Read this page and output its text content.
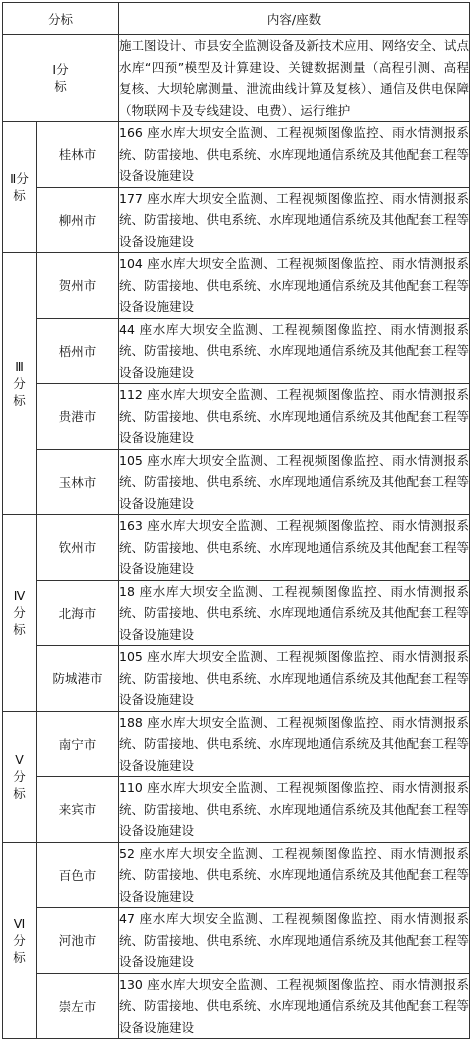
分标		内容/座数
Ⅰ分标		施工图设计、市县安全监测设备及新技术应用、网络安全、试点水库“四预”模型及计算建设、关键数据测量（高程引测、高程复核、大坝轮廓测量、泄流曲线计算及复核）、通信及供电保障（物联网卡及专线建设、电费）、运行维护
Ⅱ分标	桂林市	166 座水库大坝安全监测、工程视频图像监控、雨水情测报系统、防雷接地、供电系统、水库现地通信系统及其他配套工程等设备设施建设
	柳州市	177 座水库大坝安全监测、工程视频图像监控、雨水情测报系统、防雷接地、供电系统、水库现地通信系统及其他配套工程等设备设施建设
Ⅲ分标	贺州市	104 座水库大坝安全监测、工程视频图像监控、雨水情测报系统、防雷接地、供电系统、水库现地通信系统及其他配套工程等设备设施建设
	梧州市	44 座水库大坝安全监测、工程视频图像监控、雨水情测报系统、防雷接地、供电系统、水库现地通信系统及其他配套工程等设备设施建设
	贵港市	112 座水库大坝安全监测、工程视频图像监控、雨水情测报系统、防雷接地、供电系统、水库现地通信系统及其他配套工程等设备设施建设
	玉林市	105 座水库大坝安全监测、工程视频图像监控、雨水情测报系统、防雷接地、供电系统、水库现地通信系统及其他配套工程等设备设施建设
Ⅳ分标	钦州市	163 座水库大坝安全监测、工程视频图像监控、雨水情测报系统、防雷接地、供电系统、水库现地通信系统及其他配套工程等设备设施建设
	北海市	18 座水库大坝安全监测、工程视频图像监控、雨水情测报系统、防雷接地、供电系统、水库现地通信系统及其他配套工程等设备设施建设
	防城港市	105 座水库大坝安全监测、工程视频图像监控、雨水情测报系统、防雷接地、供电系统、水库现地通信系统及其他配套工程等设备设施建设
Ⅴ分标	南宁市	188 座水库大坝安全监测、工程视频图像监控、雨水情测报系统、防雷接地、供电系统、水库现地通信系统及其他配套工程等设备设施建设
	来宾市	110 座水库大坝安全监测、工程视频图像监控、雨水情测报系统、防雷接地、供电系统、水库现地通信系统及其他配套工程等设备设施建设
Ⅵ分标	百色市	52 座水库大坝安全监测、工程视频图像监控、雨水情测报系统、防雷接地、供电系统、水库现地通信系统及其他配套工程等设备设施建设
	河池市	47 座水库大坝安全监测、工程视频图像监控、雨水情测报系统、防雷接地、供电系统、水库现地通信系统及其他配套工程等设备设施建设
	崇左市	130 座水库大坝安全监测、工程视频图像监控、雨水情测报系统、防雷接地、供电系统、水库现地通信系统及其他配套工程等设备设施建设
